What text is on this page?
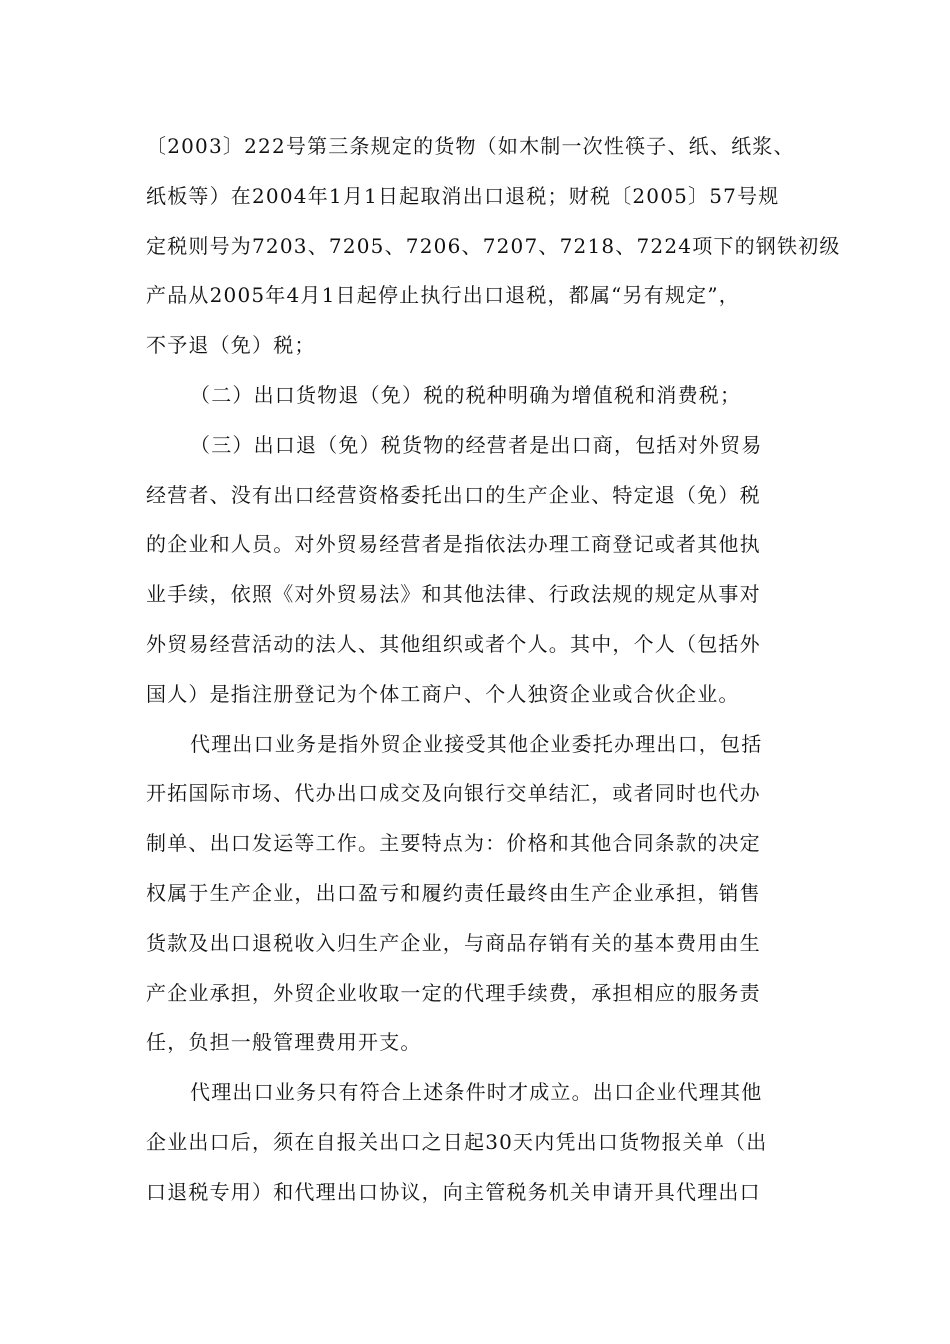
〔2003〕222号第三条规定的货物（如木制一次性筷子、纸、纸浆、
纸板等）在2004年1月1日起取消出口退税；财税〔2005〕57号规
定税则号为7203、7205、7206、7207、7218、7224项下的钢铁初级
产品从2005年4月1日起停止执行出口退税，都属“另有规定”，
不予退（免）税；
（二）出口货物退（免）税的税种明确为增值税和消费税；
（三）出口退（免）税货物的经营者是出口商，包括对外贸易
经营者、没有出口经营资格委托出口的生产企业、特定退（免）税
的企业和人员。对外贸易经营者是指依法办理工商登记或者其他执
业手续，依照《对外贸易法》和其他法律、行政法规的规定从事对
外贸易经营活动的法人、其他组织或者个人。其中，个人（包括外
国人）是指注册登记为个体工商户、个人独资企业或合伙企业。
代理出口业务是指外贸企业接受其他企业委托办理出口，包括
开拓国际市场、代办出口成交及向银行交单结汇，或者同时也代办
制单、出口发运等工作。主要特点为：价格和其他合同条款的决定
权属于生产企业，出口盈亏和履约责任最终由生产企业承担，销售
货款及出口退税收入归生产企业，与商品存销有关的基本费用由生
产企业承担，外贸企业收取一定的代理手续费，承担相应的服务责
任，负担一般管理费用开支。
代理出口业务只有符合上述条件时才成立。出口企业代理其他
企业出口后，须在自报关出口之日起30天内凭出口货物报关单（出
口退税专用）和代理出口协议，向主管税务机关申请开具代理出口
